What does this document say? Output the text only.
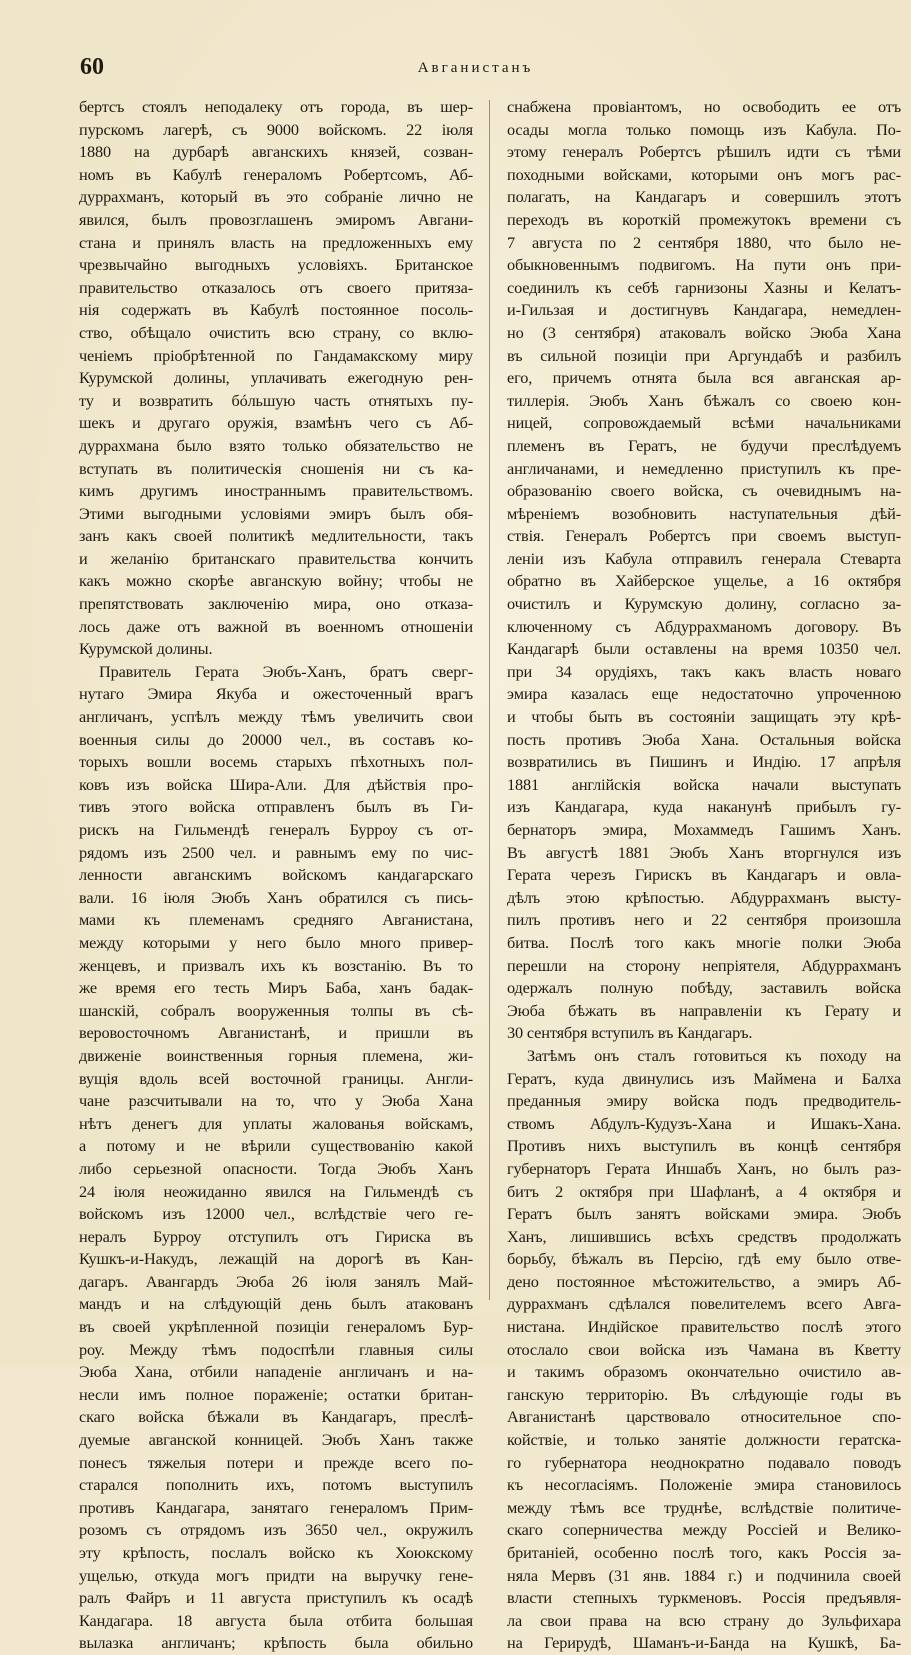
60	Авганистанъ
бертсъ стоялъ неподалеку отъ города, въ шер-
пурскомъ лагерѣ, съ 9000 войскомъ. 22 іюля
1880 на дурбарѣ авганскихъ князей, созван-
номъ въ Кабулѣ генераломъ Робертсомъ, Аб-
дуррахманъ, который въ это собраніе лично не
явился, былъ провозглашенъ эмиромъ Авгани-
стана и принялъ власть на предложенныхъ ему
чрезвычайно выгодныхъ условіяхъ. Британское
правительство отказалось отъ своего притяза-
нія содержать въ Кабулѣ постоянное посоль-
ство, обѣщало очистить всю страну, со вклю-
ченіемъ пріобрѣтенной по Гандамакскому миру
Курумской долины, уплачивать ежегодную рен-
ту и возвратить бóльшую часть отнятыхъ пу-
шекъ и другаго оружія, взамѣнъ чего съ Аб-
дуррахмана было взято только обязательство не
вступать въ политическія сношенія ни съ ка-
кимъ другимъ иностраннымъ правительствомъ.
Этими выгодными условіями эмиръ былъ обя-
занъ какъ своей политикѣ медлительности, такъ
и желанію британскаго правительства кончить
какъ можно скорѣе авганскую войну; чтобы не
препятствовать заключенію мира, оно отказа-
лось даже отъ важной въ военномъ отношеніи
Курумской долины.
Правитель Герата Эюбъ-Ханъ, братъ сверг-
нутаго Эмира Якуба и ожесточенный врагъ
англичанъ, успѣлъ между тѣмъ увеличить свои
военныя силы до 20000 чел., въ составъ ко-
торыхъ вошли восемь старыхъ пѣхотныхъ пол-
ковъ изъ войска Шира-Али. Для дѣйствія про-
тивъ этого войска отправленъ былъ въ Ги-
рискъ на Гильмендѣ генералъ Бурроу съ от-
рядомъ изъ 2500 чел. и равнымъ ему по чис-
ленности авганскимъ войскомъ кандагарскаго
вали. 16 іюля Эюбъ Ханъ обратился съ пись-
мами къ племенамъ средняго Авганистана,
между которыми у него было много привер-
женцевъ, и призвалъ ихъ къ возстанію. Въ то
же время его тесть Миръ Баба, ханъ бадак-
шанскій, собралъ вооруженныя толпы въ сѣ-
веровосточномъ Авганистанѣ, и пришли въ
движеніе воинственныя горныя племена, жи-
вущія вдоль всей восточной границы. Англи-
чане разсчитывали на то, что у Эюба Хана
нѣтъ денегъ для уплаты жалованья войскамъ,
а потому и не вѣрили существованію какой
либо серьезной опасности. Тогда Эюбъ Ханъ
24 іюля неожиданно явился на Гильмендѣ съ
войскомъ изъ 12000 чел., вслѣдствіе чего ге-
нералъ Бурроу отступилъ отъ Гириска въ
Кушкъ-и-Накудъ, лежащій на дорогѣ въ Кан-
дагаръ. Авангардъ Эюба 26 іюля занялъ Май-
мандъ и на слѣдующій день былъ атакованъ
въ своей укрѣпленной позиціи генераломъ Бур-
роу. Между тѣмъ подоспѣли главныя силы
Эюба Хана, отбили нападеніе англичанъ и на-
несли имъ полное пораженіе; остатки британ-
скаго войска бѣжали въ Кандагаръ, преслѣ-
дуемые авганской конницей. Эюбъ Ханъ также
понесъ тяжелыя потери и прежде всего по-
старался пополнить ихъ, потомъ выступилъ
противъ Кандагара, занятаго генераломъ Прим-
розомъ съ отрядомъ изъ 3650 чел., окружилъ
эту крѣпость, послалъ войско къ Хоюкскому
ущелью, откуда могъ придти на выручку гене-
ралъ Файръ и 11 августа приступилъ къ осадѣ
Кандагара. 18 августа была отбита большая
вылазка англичанъ; крѣпость была обильно
снабжена провіантомъ, но освободить ее отъ
осады могла только помощь изъ Кабула. По-
этому генералъ Робертсъ рѣшилъ идти съ тѣми
походными войсками, которыми онъ могъ рас-
полагать, на Кандагаръ и совершилъ этотъ
переходъ въ короткій промежутокъ времени съ
7 августа по 2 сентября 1880, что было не-
обыкновеннымъ подвигомъ. На пути онъ при-
соединилъ къ себѣ гарнизоны Хазны и Келатъ-
и-Гильзая и достигнувъ Кандагара, немедлен-
но (3 сентября) атаковалъ войско Эюба Хана
въ сильной позиціи при Аргундабѣ и разбилъ
его, причемъ отнята была вся авганская ар-
тиллерія. Эюбъ Ханъ бѣжалъ со своею кон-
ницей, сопровождаемый всѣми начальниками
племенъ въ Гератъ, не будучи преслѣдуемъ
англичанами, и немедленно приступилъ къ пре-
образованію своего войска, съ очевиднымъ на-
мѣреніемъ возобновить наступательныя дѣй-
ствія. Генералъ Робертсъ при своемъ выступ-
леніи изъ Кабула отправилъ генерала Стеварта
обратно въ Хайберское ущелье, а 16 октября
очистилъ и Курумскую долину, согласно за-
ключенному съ Абдуррахманомъ договору. Въ
Кандагарѣ были оставлены на время 10350 чел.
при 34 орудіяхъ, такъ какъ власть новаго
эмира казалась еще недостаточно упроченною
и чтобы быть въ состояніи защищать эту крѣ-
пость противъ Эюба Хана. Остальныя войска
возвратились въ Пишинъ и Индію. 17 апрѣля
1881 англійскія войска начали выступать
изъ Кандагара, куда наканунѣ прибылъ гу-
бернаторъ эмира, Мохаммедъ Гашимъ Ханъ.
Въ августѣ 1881 Эюбъ Ханъ вторгнулся изъ
Герата черезъ Гирискъ въ Кандагаръ и овла-
дѣлъ этою крѣпостью. Абдуррахманъ высту-
пилъ противъ него и 22 сентября произошла
битва. Послѣ того какъ многіе полки Эюба
перешли на сторону непріятеля, Абдуррахманъ
одержалъ полную побѣду, заставилъ войска
Эюба бѣжать въ направленіи къ Герату и
30 сентября вступилъ въ Кандагаръ.
Затѣмъ онъ сталъ готовиться къ походу на
Гератъ, куда двинулись изъ Маймена и Балха
преданныя эмиру войска подъ предводитель-
ствомъ Абдулъ-Кудузъ-Хана и Ишакъ-Хана.
Противъ нихъ выступилъ въ концѣ сентября
губернаторъ Герата Иншабъ Ханъ, но былъ раз-
битъ 2 октября при Шафланѣ, а 4 октября и
Гератъ былъ занятъ войсками эмира. Эюбъ
Ханъ, лишившись всѣхъ средствъ продолжать
борьбу, бѣжалъ въ Персію, гдѣ ему было отве-
дено постоянное мѣстожительство, а эмиръ Аб-
дуррахманъ сдѣлался повелителемъ всего Авга-
нистана. Индійское правительство послѣ этого
отослало свои войска изъ Чамана въ Кветту
и такимъ образомъ окончательно очистило ав-
ганскую территорію. Въ слѣдующіе годы въ
Авганистанѣ царствовало относительное спо-
койствіе, и только занятіе должности гератска-
го губернатора неоднократно подавало поводъ
къ несогласіямъ. Положеніе эмира становилось
между тѣмъ все труднѣе, вслѣдствіе политиче-
скаго соперничества между Россіей и Велико-
британіей, особенно послѣ того, какъ Россія за-
няла Мервъ (31 янв. 1884 г.) и подчинила своей
власти степныхъ туркменовъ. Россія предъявля-
ла свои права на всю страну до Зульфихара
на Герирудѣ, Шаманъ-и-Банда на Кушкѣ, Ба-
